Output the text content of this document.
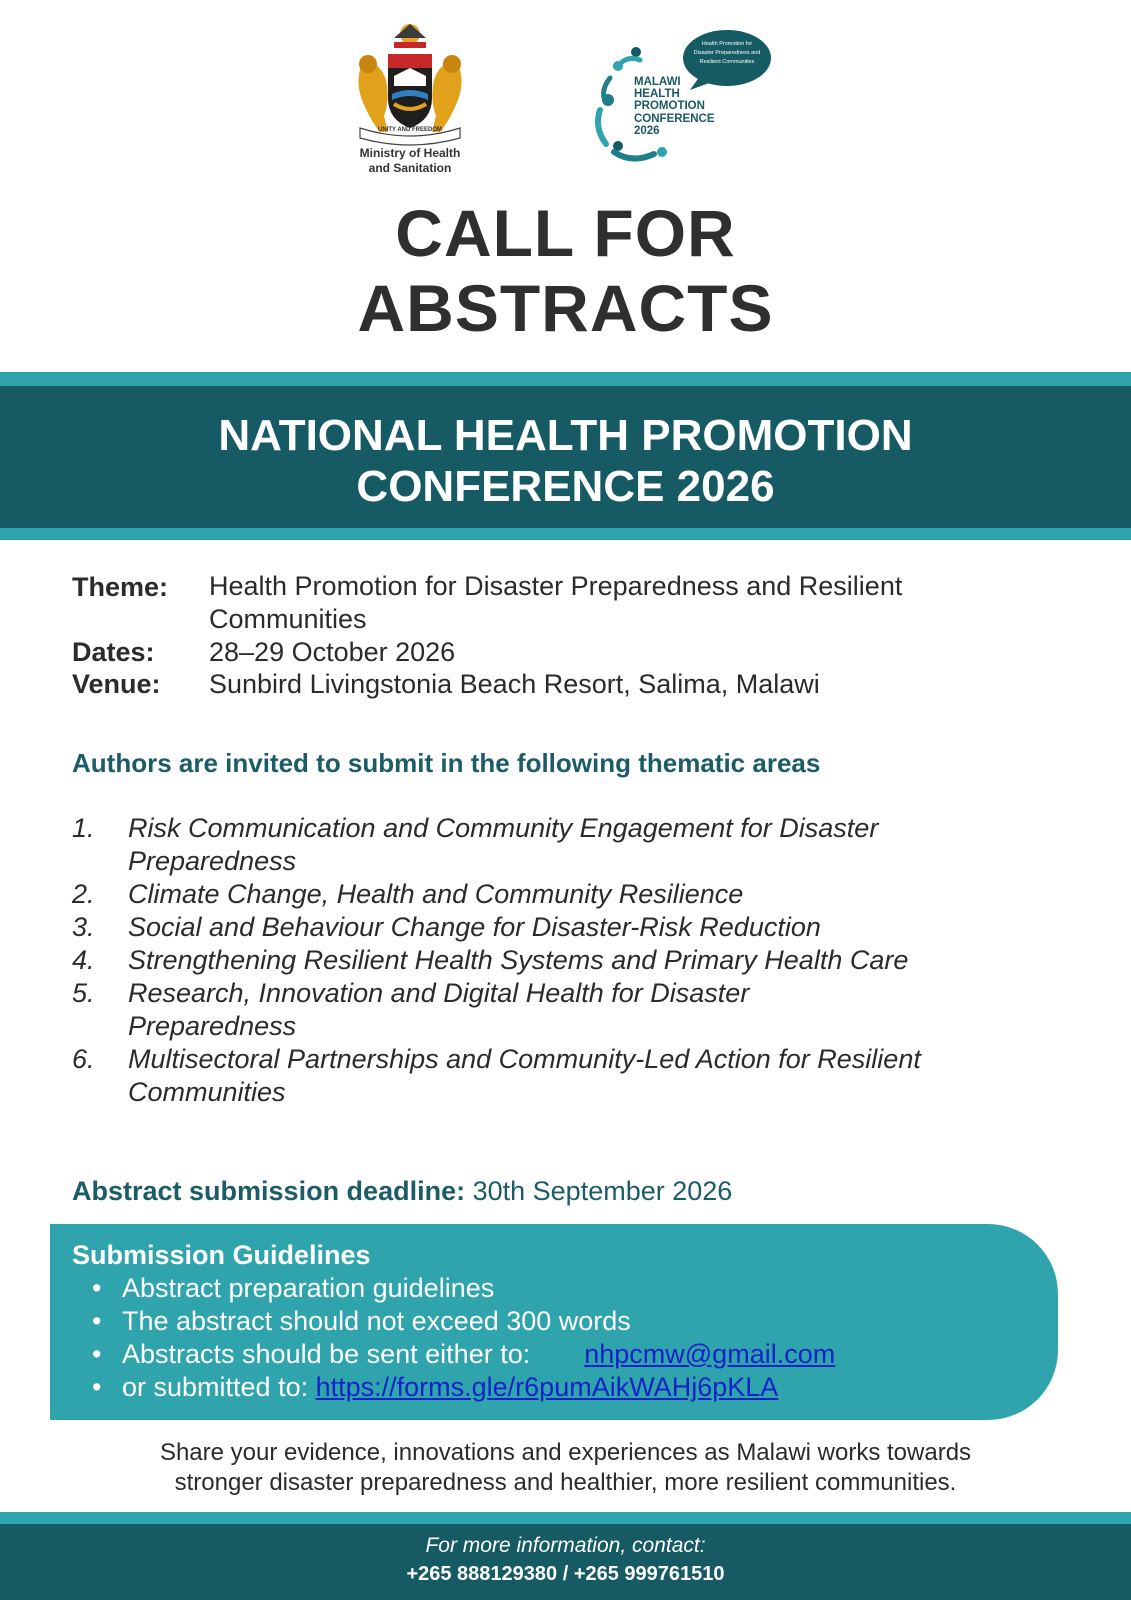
UNITY AND FREEDOM
Ministry of Health
and Sanitation
Health Promotion for
Disaster Preparedness and
Resilient Communities
MALAWI
HEALTH
PROMOTION
CONFERENCE
2026
CALL FOR
ABSTRACTS
NATIONAL HEALTH PROMOTION
CONFERENCE 2026
Theme: Health Promotion for Disaster Preparedness and Resilient Communities
Dates: 28–29 October 2026
Venue: Sunbird Livingstonia Beach Resort, Salima, Malawi
Authors are invited to submit in the following thematic areas
1. Risk Communication and Community Engagement for Disaster Preparedness
2. Climate Change, Health and Community Resilience
3. Social and Behaviour Change for Disaster-Risk Reduction
4. Strengthening Resilient Health Systems and Primary Health Care
5. Research, Innovation and Digital Health for Disaster Preparedness
6. Multisectoral Partnerships and Community-Led Action for Resilient Communities
Abstract submission deadline: 30th September 2026
Submission Guidelines
• Abstract preparation guidelines
• The abstract should not exceed 300 words
• Abstracts should be sent either to: nhpcmw@gmail.com
• or submitted to: https://forms.gle/r6pumAikWAHj6pKLA
Share your evidence, innovations and experiences as Malawi works towards
stronger disaster preparedness and healthier, more resilient communities.
For more information, contact:
+265 888129380 / +265 999761510
